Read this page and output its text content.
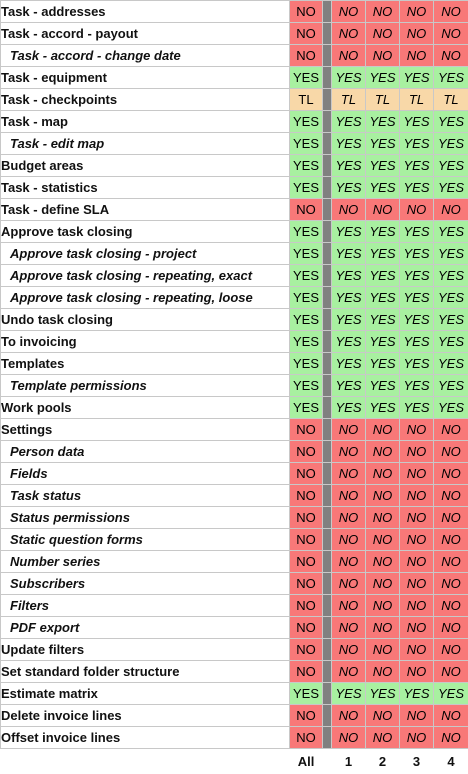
Task - addresses	NO		NO	NO	NO	NO
Task - accord - payout	NO		NO	NO	NO	NO
Task - accord - change date	NO		NO	NO	NO	NO
Task - equipment	YES		YES	YES	YES	YES
Task - checkpoints	TL		TL	TL	TL	TL
Task - map	YES		YES	YES	YES	YES
Task - edit map	YES		YES	YES	YES	YES
Budget areas	YES		YES	YES	YES	YES
Task - statistics	YES		YES	YES	YES	YES
Task - define SLA	NO		NO	NO	NO	NO
Approve task closing	YES		YES	YES	YES	YES
Approve task closing - project	YES		YES	YES	YES	YES
Approve task closing - repeating, exact	YES		YES	YES	YES	YES
Approve task closing - repeating, loose	YES		YES	YES	YES	YES
Undo task closing	YES		YES	YES	YES	YES
To invoicing	YES		YES	YES	YES	YES
Templates	YES		YES	YES	YES	YES
Template permissions	YES		YES	YES	YES	YES
Work pools	YES		YES	YES	YES	YES
Settings	NO		NO	NO	NO	NO
Person data	NO		NO	NO	NO	NO
Fields	NO		NO	NO	NO	NO
Task status	NO		NO	NO	NO	NO
Status permissions	NO		NO	NO	NO	NO
Static question forms	NO		NO	NO	NO	NO
Number series	NO		NO	NO	NO	NO
Subscribers	NO		NO	NO	NO	NO
Filters	NO		NO	NO	NO	NO
PDF export	NO		NO	NO	NO	NO
Update filters	NO		NO	NO	NO	NO
Set standard folder structure	NO		NO	NO	NO	NO
Estimate matrix	YES		YES	YES	YES	YES
Delete invoice lines	NO		NO	NO	NO	NO
Offset invoice lines	NO		NO	NO	NO	NO
	All		1	2	3	4
